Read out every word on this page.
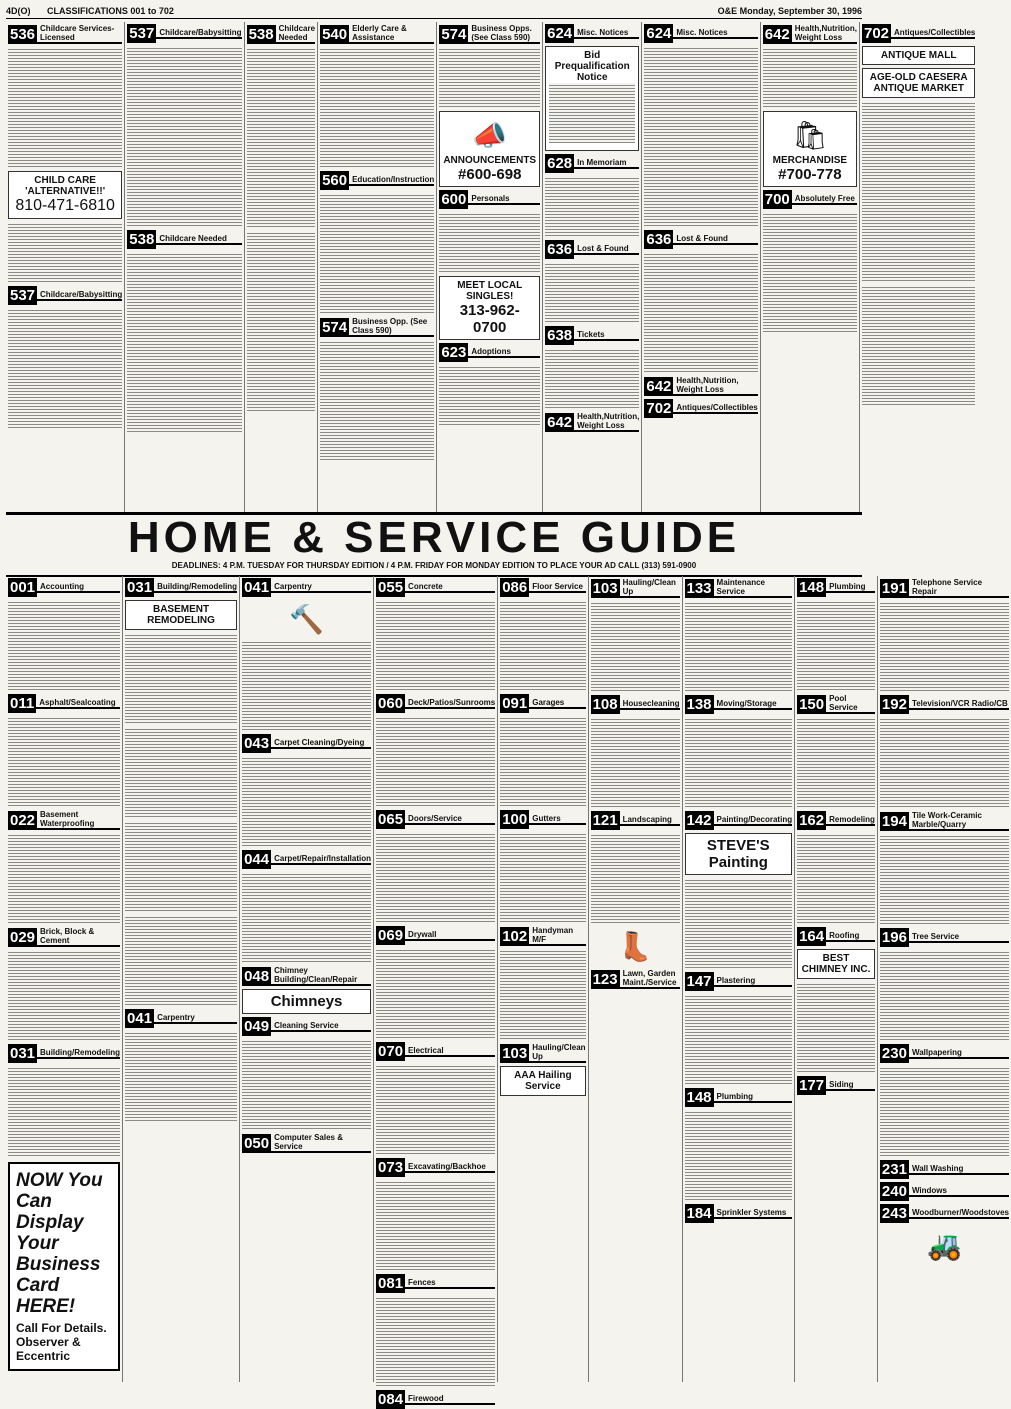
4D(O) CLASSIFICATIONS 001 to 702	O&E Monday, September 30, 1996
536 Childcare Services-Licensed
CHILD CARE 'ALTERNATIVE!!'
810-471-6810
537 Childcare/Babysitting
537 Childcare/Babysitting
538 Childcare Needed
538 Childcare Needed 540 Elderly Care & Assistance
560 Education/Instruction
574 Business Opp. (See Class 590)
574 Business Opps. (See Class 590)
📣
ANNOUNCEMENTS
#600-698
600 Personals
MEET LOCAL SINGLES!
313-962-0700
623 Adoptions
624 Misc. Notices
Bid Prequalification Notice
628 In Memoriam
636 Lost & Found
638 Tickets
642 Health,Nutrition, Weight Loss
624 Misc. Notices
636 Lost & Found
642 Health,Nutrition, Weight Loss
702 Antiques/Collectibles
642 Health,Nutrition, Weight Loss
🛍
MERCHANDISE
#700-778
700 Absolutely Free
702 Antiques/Collectibles
ANTIQUE MALL
AGE-OLD CAESERA ANTIQUE MARKET
HOME & SERVICE GUIDE
DEADLINES: 4 P.M. TUESDAY FOR THURSDAY EDITION / 4 P.M. FRIDAY FOR MONDAY EDITION TO PLACE YOUR AD CALL (313) 591-0900
001 Accounting
011 Asphalt/Sealcoating
022 Basement Waterproofing
029 Brick, Block & Cement
031 Building/Remodeling
NOW You Can Display Your Business Card HERE!
Call For Details. Observer & Eccentric
031 Building/Remodeling
BASEMENT REMODELING
041 Carpentry
041 Carpentry
🔨
043 Carpet Cleaning/Dyeing
044 Carpet/Repair/Installation
048 Chimney Building/Clean/Repair
Chimneys
049 Cleaning Service
050 Computer Sales & Service
055 Concrete
060 Deck/Patios/Sunrooms
065 Doors/Service
069 Drywall
070 Electrical
073 Excavating/Backhoe
081 Fences
084 Firewood
086 Floor Service
091 Garages
100 Gutters
102 Handyman M/F
103 Hauling/Clean Up
AAA Hailing Service
103 Hauling/Clean Up
108 Housecleaning
121 Landscaping
👢
123 Lawn, Garden Maint./Service
133 Maintenance Service
138 Moving/Storage
142 Painting/Decorating
STEVE'S Painting
147 Plastering
148 Plumbing
184 Sprinkler Systems
148 Plumbing
150 Pool Service
162 Remodeling
164 Roofing
BEST CHIMNEY INC.
177 Siding
191 Telephone Service Repair
192 Television/VCR Radio/CB
194 Tile Work-Ceramic Marble/Quarry
196 Tree Service
230 Wallpapering
231 Wall Washing
240 Windows
243 Woodburner/Woodstoves
🚜
